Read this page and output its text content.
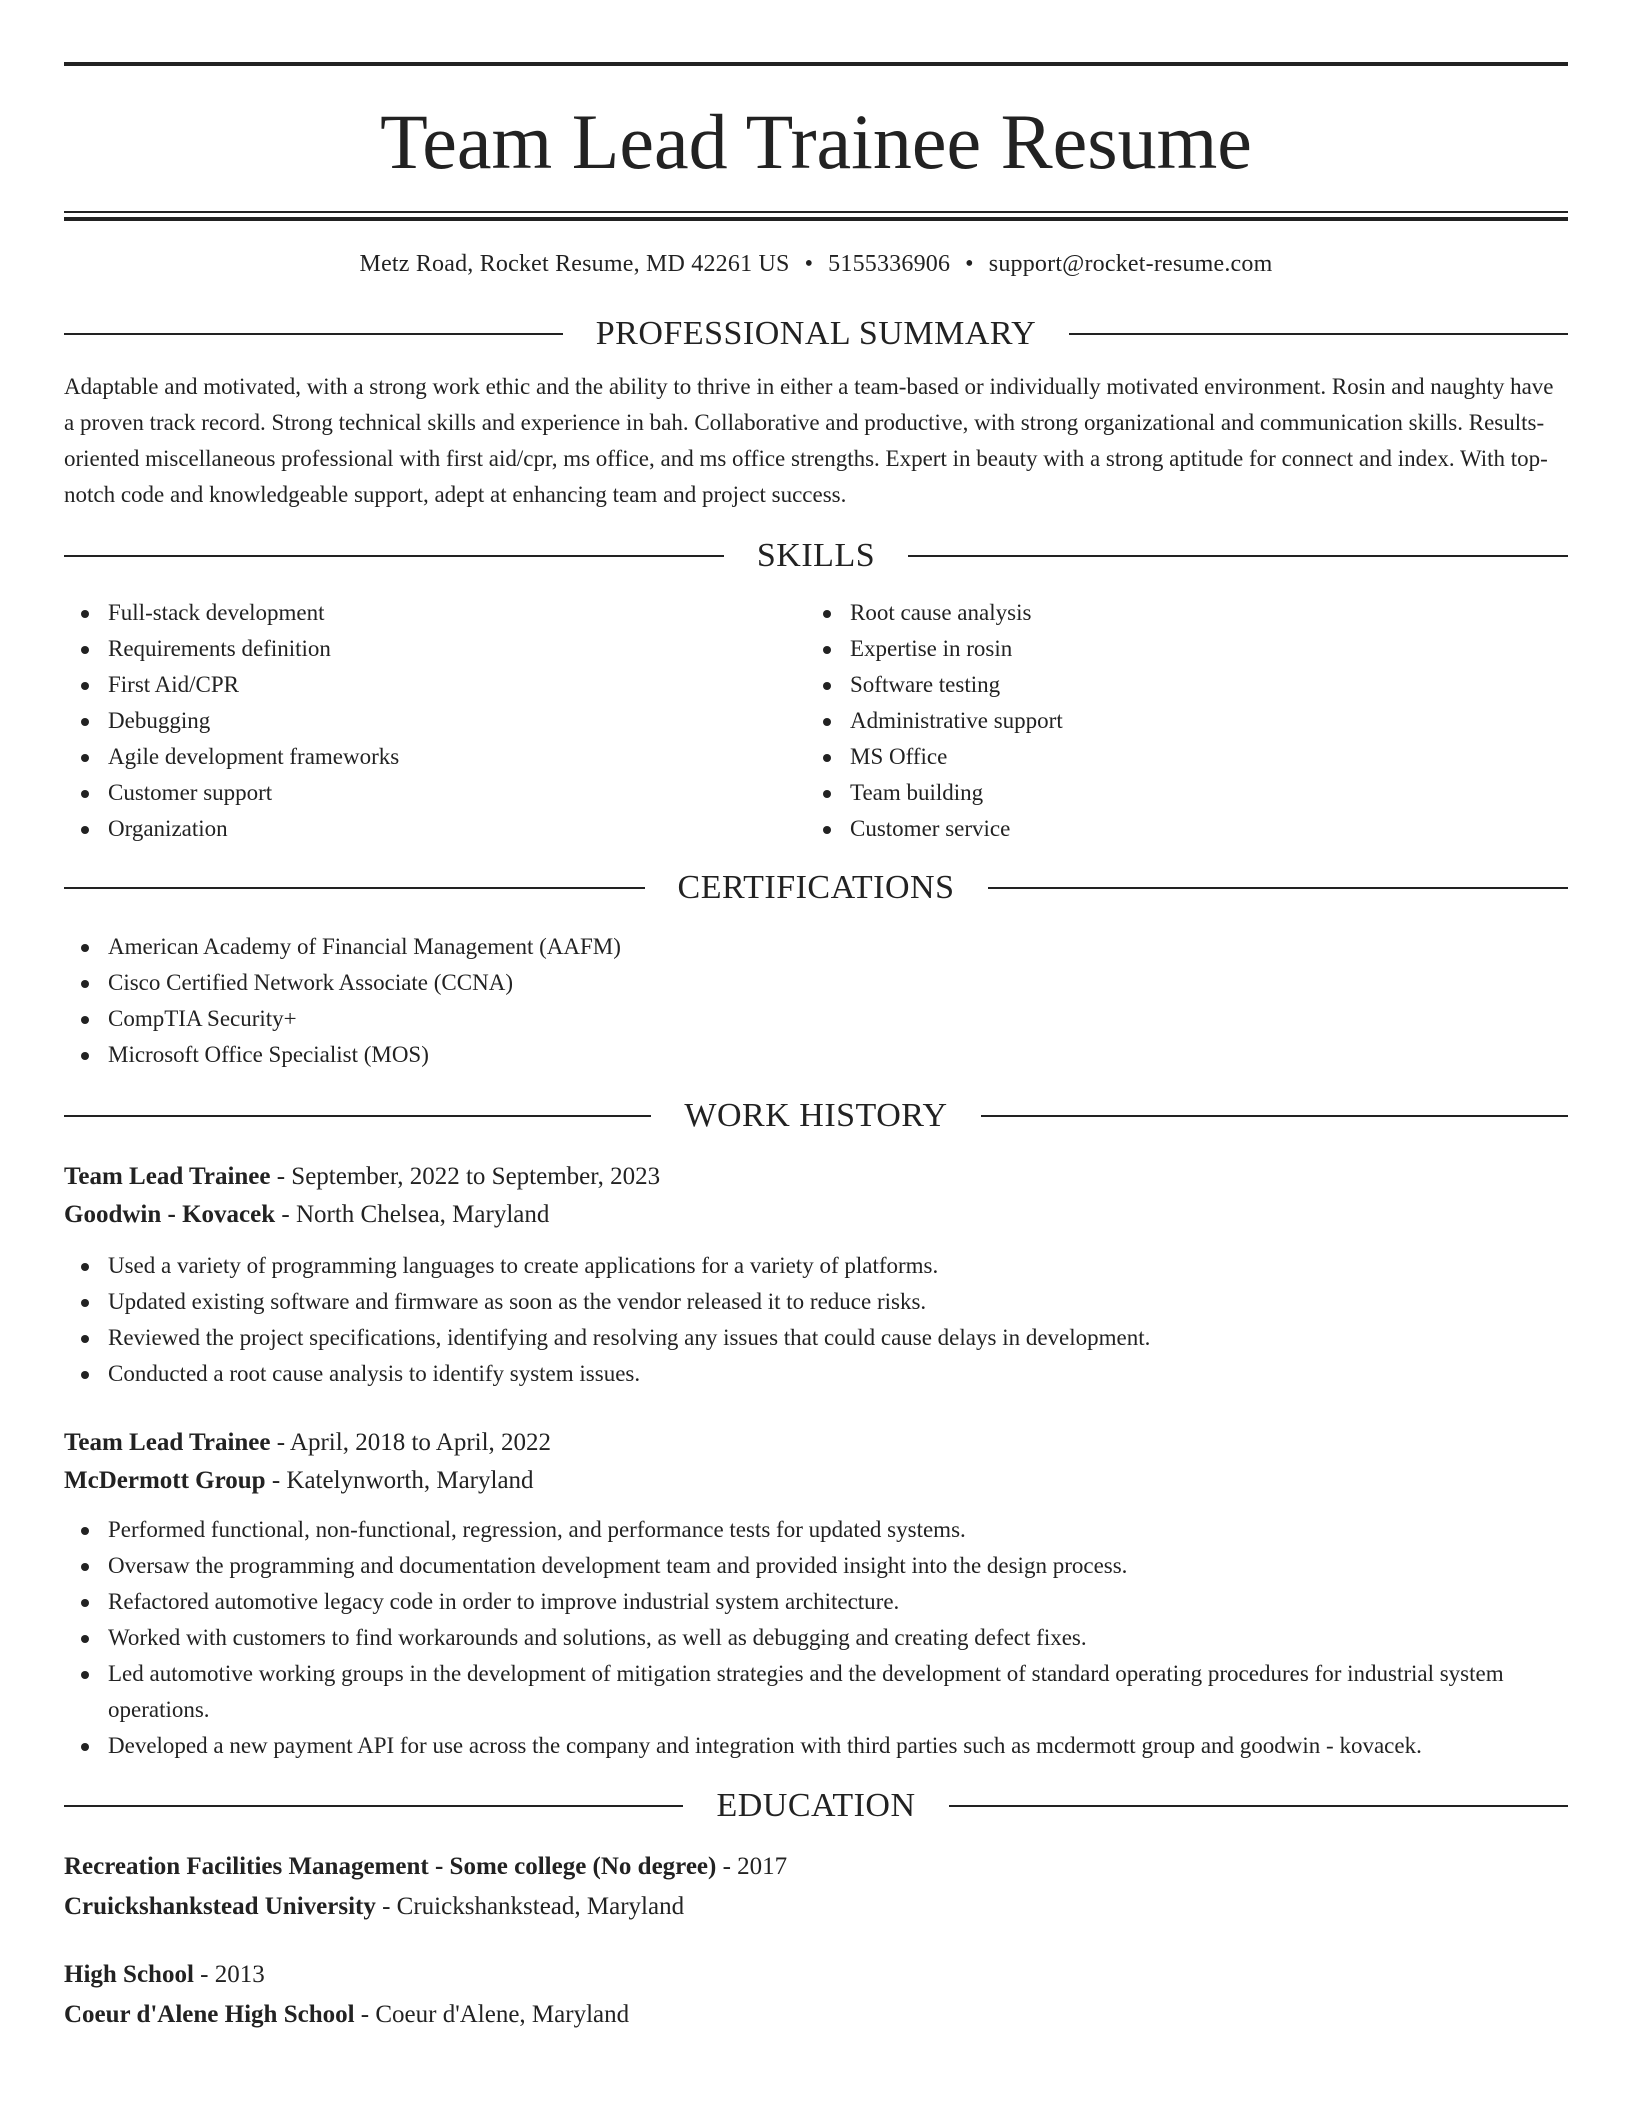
Team Lead Trainee Resume
Metz Road, Rocket Resume, MD 42261 US • 5155336906 • support@rocket-resume.com
PROFESSIONAL SUMMARY

Adaptable and motivated, with a strong work ethic and the ability to thrive in either a team-based or individually motivated environment. Rosin and naughty have a proven track record. Strong technical skills and experience in bah. Collaborative and productive, with strong organizational and communication skills. Results-oriented miscellaneous professional with first aid/cpr, ms office, and ms office strengths. Expert in beauty with a strong aptitude for connect and index. With top-notch code and knowledgeable support, adept at enhancing team and project success.

SKILLS
Full-stack development
Requirements definition
First Aid/CPR
Debugging
Agile development frameworks
Customer support
Organization
Root cause analysis
Expertise in rosin
Software testing
Administrative support
MS Office
Team building
Customer service
CERTIFICATIONS
American Academy of Financial Management (AAFM)
Cisco Certified Network Associate (CCNA)
CompTIA Security+
Microsoft Office Specialist (MOS)
WORK HISTORY
Team Lead Trainee - September, 2022 to September, 2023
Goodwin - Kovacek - North Chelsea, Maryland
Used a variety of programming languages to create applications for a variety of platforms.
Updated existing software and firmware as soon as the vendor released it to reduce risks.
Reviewed the project specifications, identifying and resolving any issues that could cause delays in development.
Conducted a root cause analysis to identify system issues.
Team Lead Trainee - April, 2018 to April, 2022
McDermott Group - Katelynworth, Maryland
Performed functional, non-functional, regression, and performance tests for updated systems.
Oversaw the programming and documentation development team and provided insight into the design process.
Refactored automotive legacy code in order to improve industrial system architecture.
Worked with customers to find workarounds and solutions, as well as debugging and creating defect fixes.
Led automotive working groups in the development of mitigation strategies and the development of standard operating procedures for industrial system operations.
Developed a new payment API for use across the company and integration with third parties such as mcdermott group and goodwin - kovacek.
EDUCATION
Recreation Facilities Management - Some college (No degree) - 2017
Cruickshankstead University - Cruickshankstead, Maryland
High School - 2013
Coeur d'Alene High School - Coeur d'Alene, Maryland
